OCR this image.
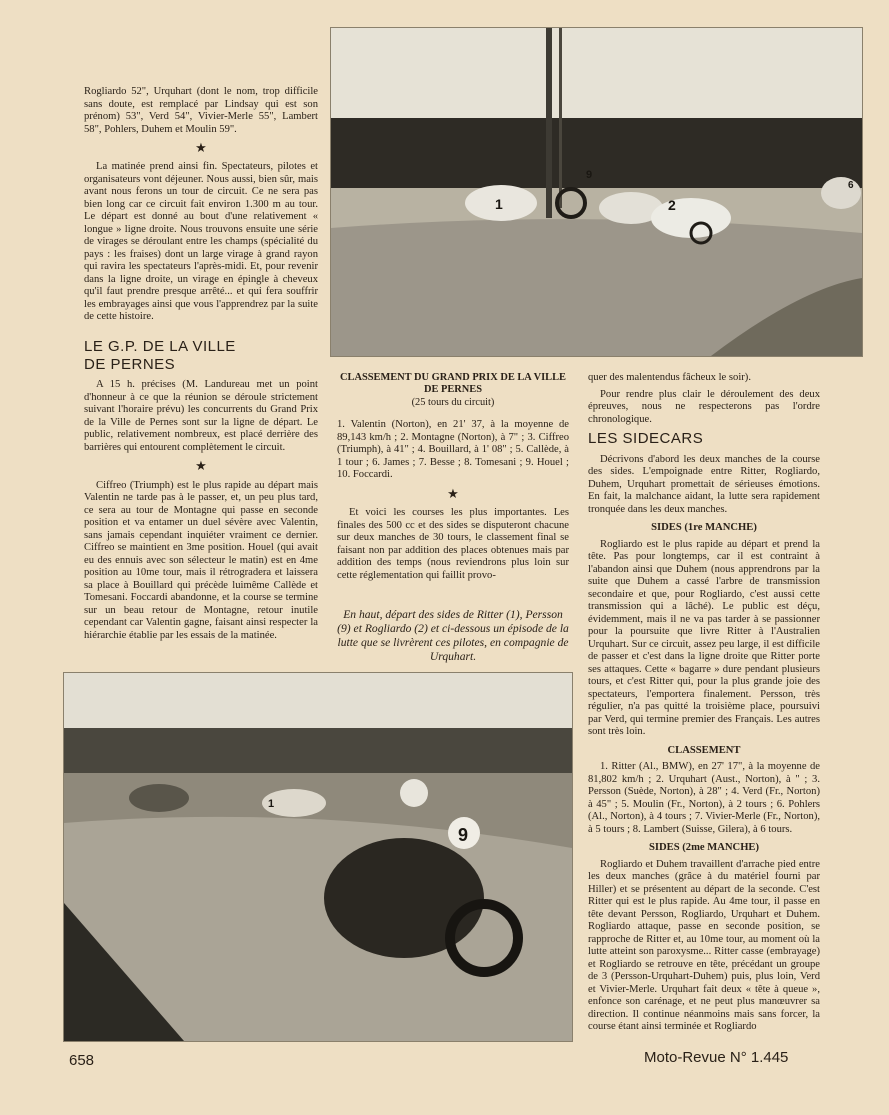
Rogliardo 52", Urquhart (dont le nom, trop difficile sans doute, est remplacé par Lindsay qui est son prénom) 53", Verd 54", Vivier-Merle 55", Lambert 58", Pohlers, Duhem et Moulin 59".

★

La matinée prend ainsi fin. Spectateurs, pilotes et organisateurs vont déjeuner. Nous aussi, bien sûr, mais avant nous ferons un tour de circuit. Ce ne sera pas bien long car ce circuit fait environ 1.300 m au tour. Le départ est donné au bout d'une relativement « longue » ligne droite. Nous trouvons ensuite une série de virages se déroulant entre les champs (spécialité du pays : les fraises) dont un large virage à grand rayon qui ravira les spectateurs l'après-midi. Et, pour revenir dans la ligne droite, un virage en épingle à cheveux qu'il faut prendre presque arrêté... et qui fera souffrir les embrayages ainsi que vous l'apprendrez par la suite de cette histoire.

LE G.P. DE LA VILLE
DE PERNES

A 15 h. précises (M. Landureau met un point d'honneur à ce que la réunion se déroule strictement suivant l'horaire prévu) les concurrents du Grand Prix de la Ville de Pernes sont sur la ligne de départ. Le public, relativement nombreux, est placé derrière des barrières qui entourent complètement le circuit.

★

Ciffreo (Triumph) est le plus rapide au départ mais Valentin ne tarde pas à le passer, et, un peu plus tard, ce sera au tour de Montagne qui passe en seconde position et va entamer un duel sévère avec Valentin, sans jamais cependant inquiéter vraiment ce dernier. Ciffreo se maintient en 3me position. Houel (qui avait eu des ennuis avec son sélecteur le matin) est en 4me position au 10me tour, mais il rétrogradera et laissera sa place à Bouillard qui précède luimême Callède et Tomesani. Foccardi abandonne, et la course se termine sur un beau retour de Montagne, retour inutile cependant car Valentin gagne, faisant ainsi respecter la hiérarchie établie par les essais de la matinée.

1
9
2
6
CLASSEMENT DU GRAND PRIX DE LA VILLE DE PERNES
(25 tours du circuit)

1. Valentin (Norton), en 21' 37, à la moyenne de 89,143 km/h ; 2. Montagne (Norton), à 7" ; 3. Ciffreo (Triumph), à 41" ; 4. Bouillard, à 1' 08" ; 5. Callède, à 1 tour ; 6. James ; 7. Besse ; 8. Tomesani ; 9. Houel ; 10. Foccardi.

★

Et voici les courses les plus importantes. Les finales des 500 cc et des sides se disputeront chacune sur deux manches de 30 tours, le classement final se faisant non par addition des places obtenues mais par addition des temps (nous reviendrons plus loin sur cette réglementation qui faillit provo-

En haut, départ des sides de Ritter (1), Persson (9) et Rogliardo (2) et ci-dessous un épisode de la lutte que se livrèrent ces pilotes, en compagnie de Urquhart.

quer des malentendus fâcheux le soir).

Pour rendre plus clair le déroulement des deux épreuves, nous ne respecterons pas l'ordre chronologique.

LES SIDECARS

Décrivons d'abord les deux manches de la course des sides. L'empoignade entre Ritter, Rogliardo, Duhem, Urquhart promettait de sérieuses émotions. En fait, la malchance aidant, la lutte sera rapidement tronquée dans les deux manches.

SIDES (1re MANCHE)

Rogliardo est le plus rapide au départ et prend la tête. Pas pour longtemps, car il est contraint à l'abandon ainsi que Duhem (nous apprendrons par la suite que Duhem a cassé l'arbre de transmission secondaire et que, pour Rogliardo, c'est aussi cette transmission qui a lâché). Le public est déçu, évidemment, mais il ne va pas tarder à se passionner pour la poursuite que livre Ritter à l'Australien Urquhart. Sur ce circuit, assez peu large, il est difficile de passer et c'est dans la ligne droite que Ritter porte ses attaques. Cette « bagarre » dure pendant plusieurs tours, et c'est Ritter qui, pour la plus grande joie des spectateurs, l'emportera finalement. Persson, très régulier, n'a pas quitté la troisième place, poursuivi par Verd, qui termine premier des Français. Les autres sont très loin.

CLASSEMENT

1. Ritter (Al., BMW), en 27' 17", à la moyenne de 81,802 km/h ; 2. Urquhart (Aust., Norton), à " ; 3. Persson (Suède, Norton), à 28" ; 4. Verd (Fr., Norton) à 45" ; 5. Moulin (Fr., Norton), à 2 tours ; 6. Pohlers (Al., Norton), à 4 tours ; 7. Vivier-Merle (Fr., Norton), à 5 tours ; 8. Lambert (Suisse, Gilera), à 6 tours.

SIDES (2me MANCHE)

Rogliardo et Duhem travaillent d'arrache pied entre les deux manches (grâce à du matériel fourni par Hiller) et se présentent au départ de la seconde. C'est Ritter qui est le plus rapide. Au 4me tour, il passe en tête devant Persson, Rogliardo, Urquhart et Duhem. Rogliardo attaque, passe en seconde position, se rapproche de Ritter et, au 10me tour, au moment où la lutte atteint son paroxysme... Ritter casse (embrayage) et Rogliardo se retrouve en tête, précédant un groupe de 3 (Persson-Urquhart-Duhem) puis, plus loin, Verd et Vivier-Merle. Urquhart fait deux « tête à queue », enfonce son carénage, et ne peut plus manœuvrer sa direction. Il continue néanmoins mais sans forcer, la course étant ainsi terminée et Rogliardo

9
1
658	Moto-Revue N° 1.445
